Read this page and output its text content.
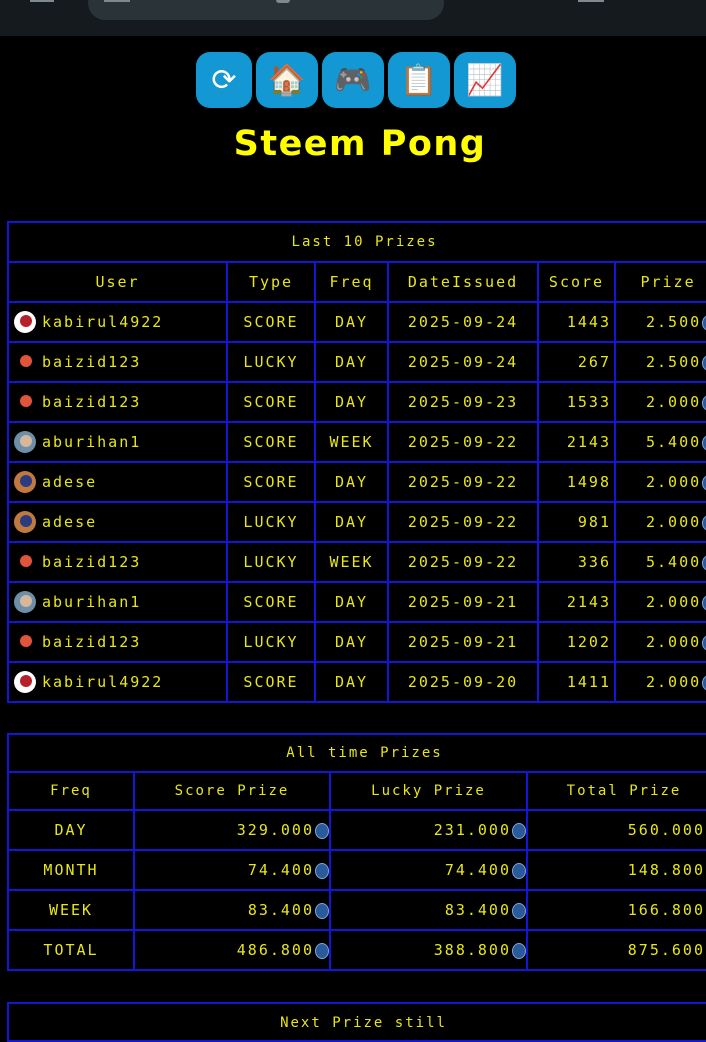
⟳ 🏠 🎮 📋 📈
Steem Pong
Last 10 Prizes					
User	Type	Freq	DateIssued	Score	Prize

kabirul4922	SCORE	DAY	2025-09-24	1443	2.500

baizid123	LUCKY	DAY	2025-09-24	267	2.500

baizid123	SCORE	DAY	2025-09-23	1533	2.000

aburihan1	SCORE	WEEK	2025-09-22	2143	5.400

adese	SCORE	DAY	2025-09-22	1498	2.000

adese	LUCKY	DAY	2025-09-22	981	2.000

baizid123	LUCKY	WEEK	2025-09-22	336	5.400

aburihan1	SCORE	DAY	2025-09-21	2143	2.000

baizid123	LUCKY	DAY	2025-09-21	1202	2.000

kabirul4922	SCORE	DAY	2025-09-20	1411	2.000
All time Prizes			
Freq	Score Prize	Lucky Prize	Total Prize
DAY	329.000	231.000	560.000
MONTH	74.400	74.400	148.800
WEEK	83.400	83.400	166.800
TOTAL	486.800	388.800	875.600
Next Prize still
